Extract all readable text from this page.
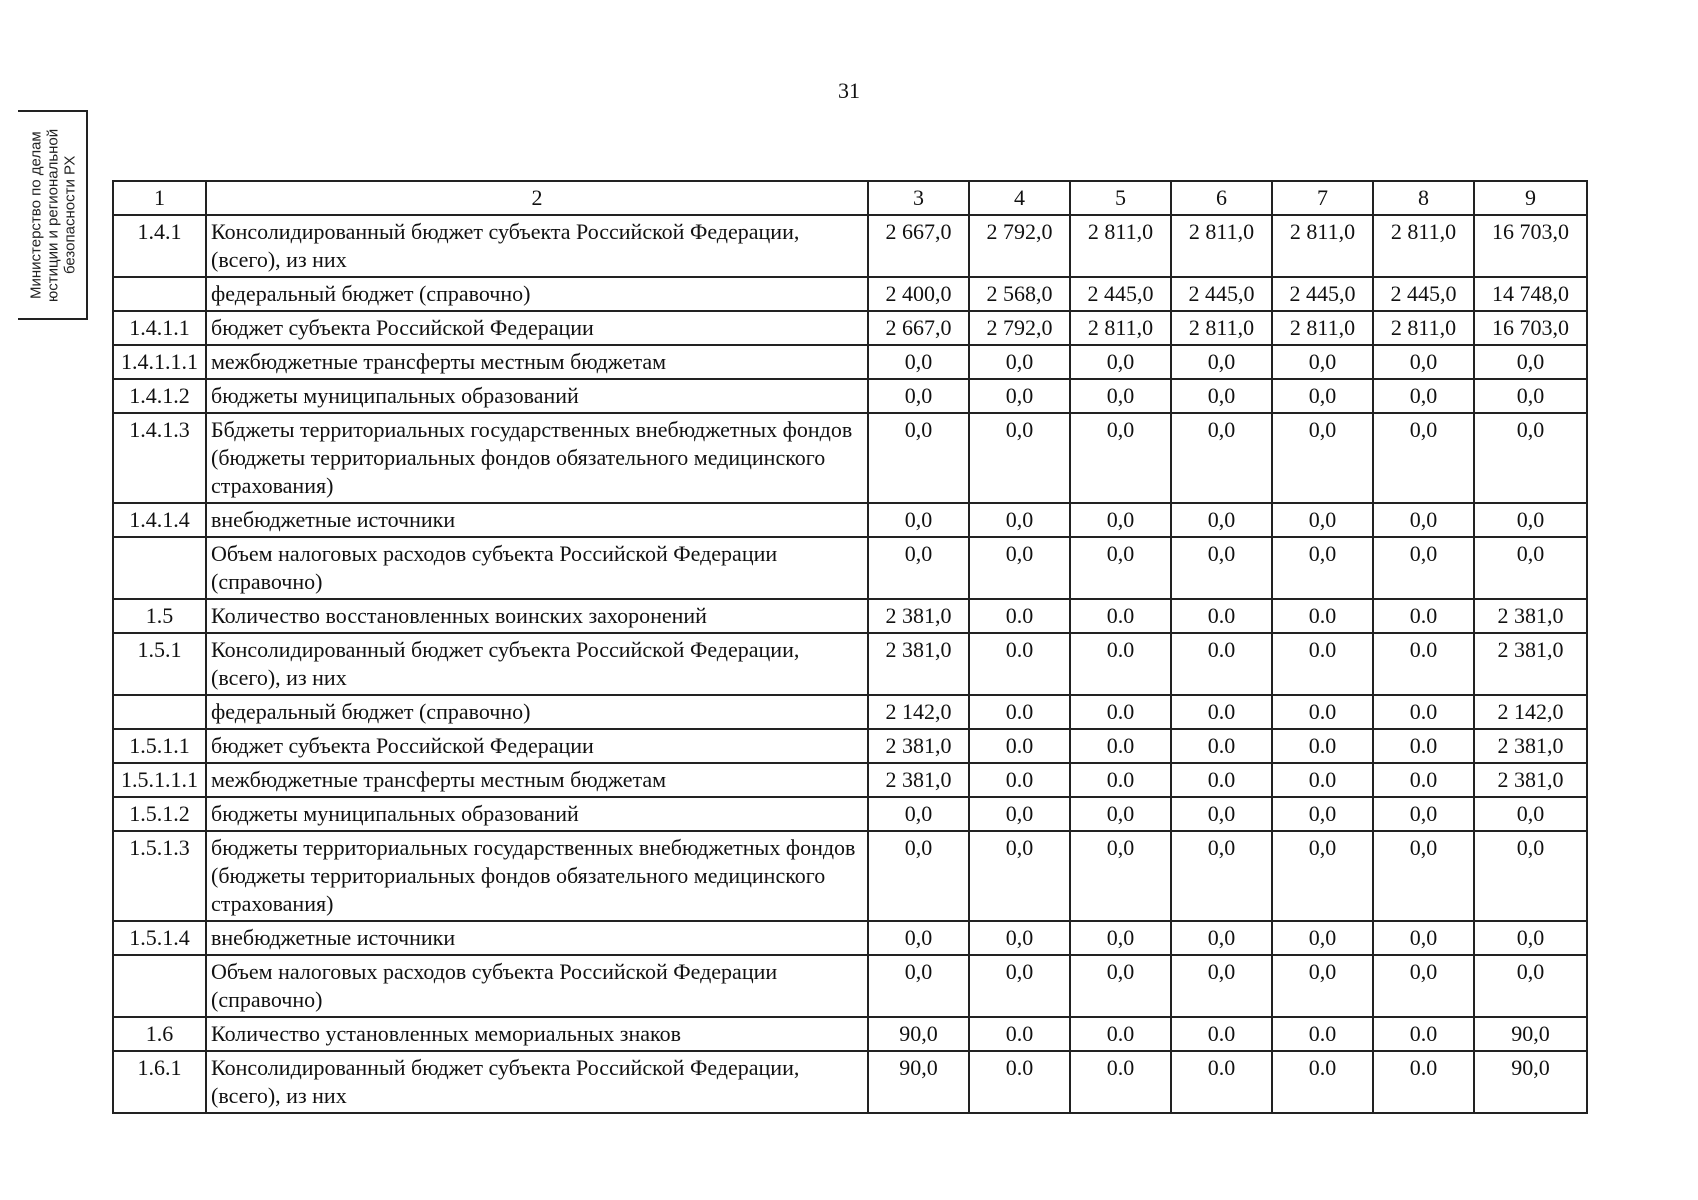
31
Министерство по делам
юстиции и региональной
безопасности РХ
1	2	3	4	5	6	7	8	9
1.4.1	Консолидированный бюджет субъекта Российской Федерации, (всего), из них	2 667,0	2 792,0	2 811,0	2 811,0	2 811,0	2 811,0	16 703,0
	федеральный бюджет (справочно)	2 400,0	2 568,0	2 445,0	2 445,0	2 445,0	2 445,0	14 748,0
1.4.1.1	бюджет субъекта Российской Федерации	2 667,0	2 792,0	2 811,0	2 811,0	2 811,0	2 811,0	16 703,0
1.4.1.1.1	межбюджетные трансферты местным бюджетам	0,0	0,0	0,0	0,0	0,0	0,0	0,0
1.4.1.2	бюджеты муниципальных образований	0,0	0,0	0,0	0,0	0,0	0,0	0,0
1.4.1.3	Ббджеты территориальных государственных внебюджетных фондов (бюджеты территориальных фондов обязательного медицинского страхования)	0,0	0,0	0,0	0,0	0,0	0,0	0,0
1.4.1.4	внебюджетные источники	0,0	0,0	0,0	0,0	0,0	0,0	0,0
	Объем налоговых расходов субъекта Российской Федерации (справочно)	0,0	0,0	0,0	0,0	0,0	0,0	0,0
1.5	Количество восстановленных воинских захоронений	2 381,0	0.0	0.0	0.0	0.0	0.0	2 381,0
1.5.1	Консолидированный бюджет субъекта Российской Федерации, (всего), из них	2 381,0	0.0	0.0	0.0	0.0	0.0	2 381,0
	федеральный бюджет (справочно)	2 142,0	0.0	0.0	0.0	0.0	0.0	2 142,0
1.5.1.1	бюджет субъекта Российской Федерации	2 381,0	0.0	0.0	0.0	0.0	0.0	2 381,0
1.5.1.1.1	межбюджетные трансферты местным бюджетам	2 381,0	0.0	0.0	0.0	0.0	0.0	2 381,0
1.5.1.2	бюджеты муниципальных образований	0,0	0,0	0,0	0,0	0,0	0,0	0,0
1.5.1.3	бюджеты территориальных государственных внебюджетных фондов (бюджеты территориальных фондов обязательного медицинского страхования)	0,0	0,0	0,0	0,0	0,0	0,0	0,0
1.5.1.4	внебюджетные источники	0,0	0,0	0,0	0,0	0,0	0,0	0,0
	Объем налоговых расходов субъекта Российской Федерации (справочно)	0,0	0,0	0,0	0,0	0,0	0,0	0,0
1.6	Количество установленных мемориальных знаков	90,0	0.0	0.0	0.0	0.0	0.0	90,0
1.6.1	Консолидированный бюджет субъекта Российской Федерации, (всего), из них	90,0	0.0	0.0	0.0	0.0	0.0	90,0
